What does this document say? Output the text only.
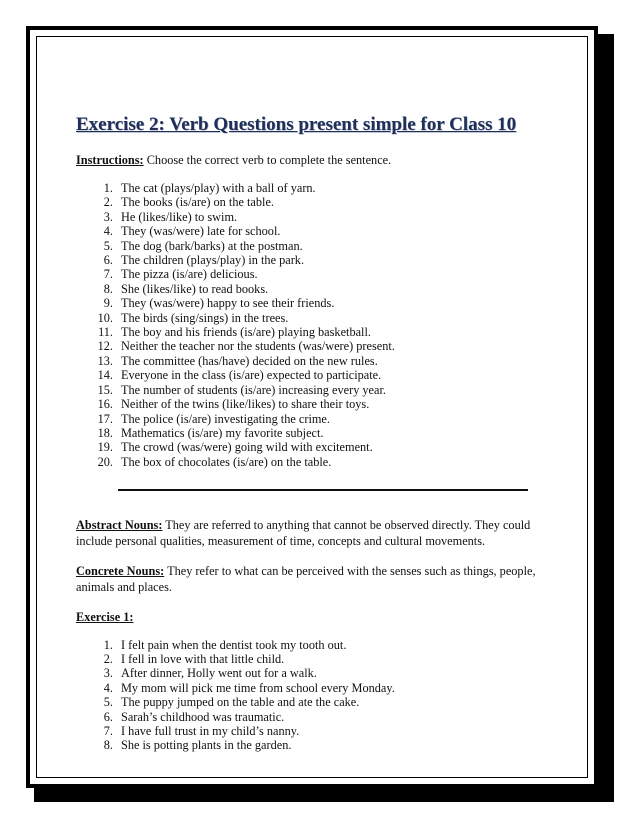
Exercise 2: Verb Questions present simple for Class 10

Instructions: Choose the correct verb to complete the sentence.

1. The cat (plays/play) with a ball of yarn.
2. The books (is/are) on the table.
3. He (likes/like) to swim.
4. They (was/were) late for school.
5. The dog (bark/barks) at the postman.
6. The children (plays/play) in the park.
7. The pizza (is/are) delicious.
8. She (likes/like) to read books.
9. They (was/were) happy to see their friends.
10. The birds (sing/sings) in the trees.
11. The boy and his friends (is/are) playing basketball.
12. Neither the teacher nor the students (was/were) present.
13. The committee (has/have) decided on the new rules.
14. Everyone in the class (is/are) expected to participate.
15. The number of students (is/are) increasing every year.
16. Neither of the twins (like/likes) to share their toys.
17. The police (is/are) investigating the crime.
18. Mathematics (is/are) my favorite subject.
19. The crowd (was/were) going wild with excitement.
20. The box of chocolates (is/are) on the table.

Abstract Nouns: They are referred to anything that cannot be observed directly. They could include personal qualities, measurement of time, concepts and cultural movements.

Concrete Nouns: They refer to what can be perceived with the senses such as things, people, animals and places.

Exercise 1:

1. I felt pain when the dentist took my tooth out.
2. I fell in love with that little child.
3. After dinner, Holly went out for a walk.
4. My mom will pick me time from school every Monday.
5. The puppy jumped on the table and ate the cake.
6. Sarah’s childhood was traumatic.
7. I have full trust in my child’s nanny.
8. She is potting plants in the garden.
